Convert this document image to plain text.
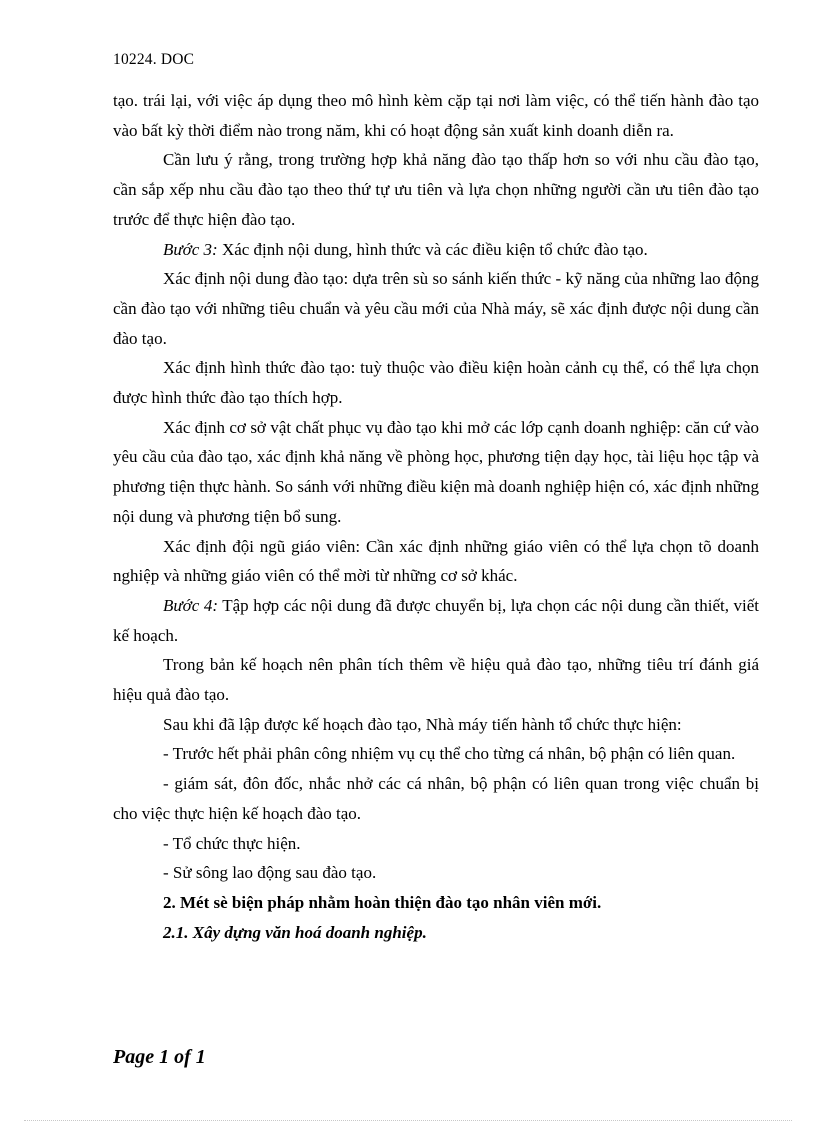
10224. DOC

tạo. trái lại, với việc áp dụng theo mô hình kèm cặp tại nơi làm việc, có thể tiến hành đào tạo vào bất kỳ thời điểm nào trong năm, khi có hoạt động sản xuất kinh doanh diễn ra.

Cần lưu ý rằng, trong trường hợp khả năng đào tạo thấp hơn so với nhu cầu đào tạo, cần sắp xếp nhu cầu đào tạo theo thứ tự ưu tiên và lựa chọn những người cần ưu tiên đào tạo trước để thực hiện đào tạo.

Bước 3: Xác định nội dung, hình thức và các điều kiện tổ chức đào tạo.

Xác định nội dung đào tạo: dựa trên sù so sánh kiến thức - kỹ năng của những lao động cần đào tạo với những tiêu chuẩn và yêu cầu mới của Nhà máy, sẽ xác định được nội dung cần đào tạo.

Xác định hình thức đào tạo: tuỳ thuộc vào điều kiện hoàn cảnh cụ thể, có thể lựa chọn được hình thức đào tạo thích hợp.

Xác định cơ sở vật chất phục vụ đào tạo khi mở các lớp cạnh doanh nghiệp: căn cứ vào yêu cầu của đào tạo, xác định khả năng về phòng học, phương tiện dạy học, tài liệu học tập và phương tiện thực hành. So sánh với những điều kiện mà doanh nghiệp hiện có, xác định những nội dung và phương tiện bổ sung.

Xác định đội ngũ giáo viên: Cần xác định những giáo viên có thể lựa chọn tõ doanh nghiệp và những giáo viên có thể mời từ những cơ sở khác.

Bước 4: Tập hợp các nội dung đã được chuyển bị, lựa chọn các nội dung cần thiết, viết kế hoạch.

Trong bản kế hoạch nên phân tích thêm về hiệu quả đào tạo, những tiêu trí đánh giá hiệu quả đào tạo.

Sau khi đã lập được kế hoạch đào tạo, Nhà máy tiến hành tổ chức thực hiện:

- Trước hết phải phân công nhiệm vụ cụ thể cho từng cá nhân, bộ phận có liên quan.

- giám sát, đôn đốc, nhắc nhở các cá nhân, bộ phận có liên quan trong việc chuẩn bị cho việc thực hiện kế hoạch đào tạo.

- Tổ chức thực hiện.

- Sử sông lao động sau đào tạo.

2. Mét sè biện pháp nhằm hoàn thiện đào tạo nhân viên mới.

2.1. Xây dựng văn hoá doanh nghiệp.

Page 1 of 1
